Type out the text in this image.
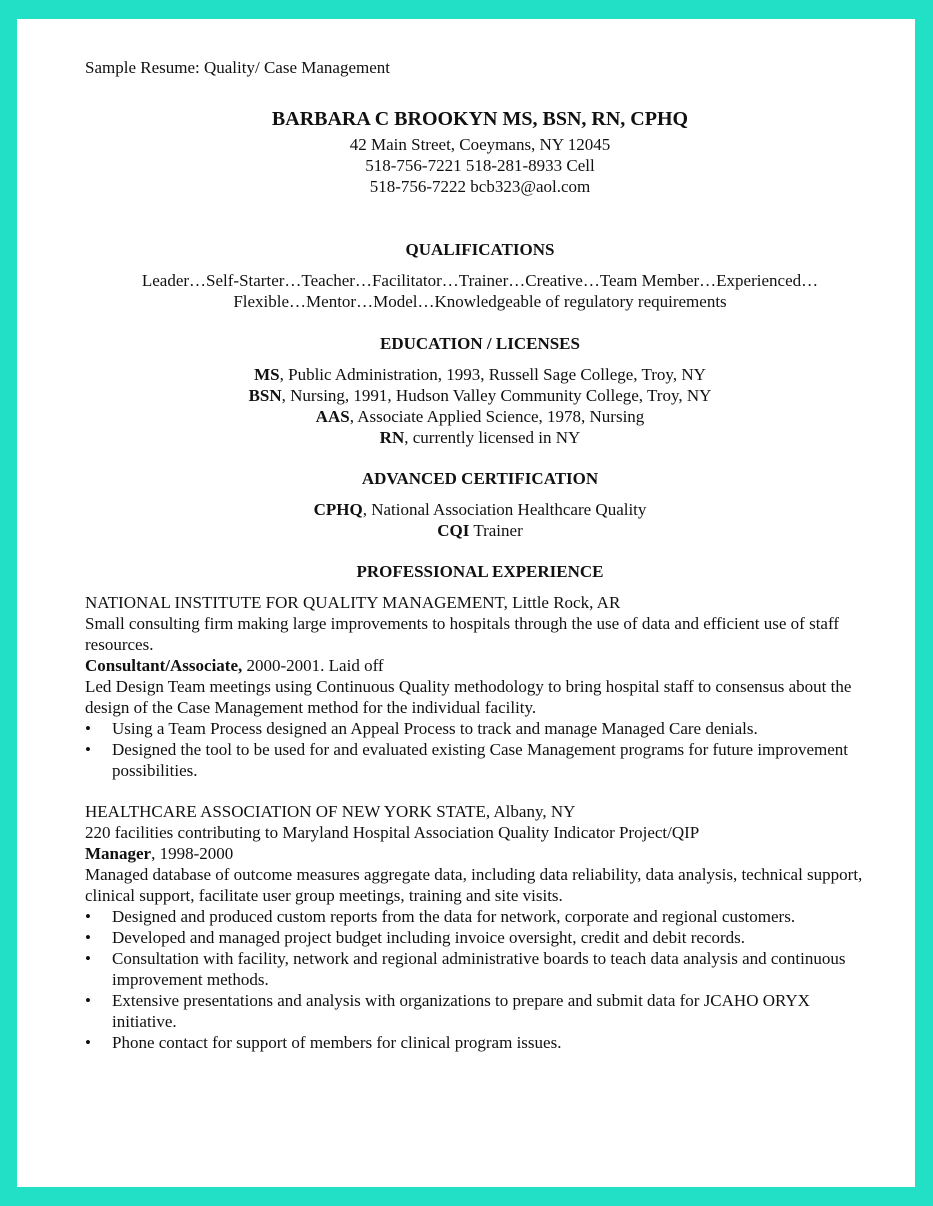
Sample Resume: Quality/ Case Management

BARBARA C BROOKYN MS, BSN, RN, CPHQ

42 Main Street, Coeymans, NY 12045

518-756-7221 518-281-8933 Cell

518-756-7222 bcb323@aol.com

QUALIFICATIONS

Leader…Self-Starter…Teacher…Facilitator…Trainer…Creative…Team Member…Experienced…

Flexible…Mentor…Model…Knowledgeable of regulatory requirements

EDUCATION / LICENSES

MS, Public Administration, 1993, Russell Sage College, Troy, NY

BSN, Nursing, 1991, Hudson Valley Community College, Troy, NY

AAS, Associate Applied Science, 1978, Nursing

RN, currently licensed in NY

ADVANCED CERTIFICATION

CPHQ, National Association Healthcare Quality

CQI Trainer

PROFESSIONAL EXPERIENCE

NATIONAL INSTITUTE FOR QUALITY MANAGEMENT, Little Rock, AR

Small consulting firm making large improvements to hospitals through the use of data and efficient use of staff resources.

Consultant/Associate, 2000-2001. Laid off

Led Design Team meetings using Continuous Quality methodology to bring hospital staff to consensus about the design of the Case Management method for the individual facility.

• Using a Team Process designed an Appeal Process to track and manage Managed Care denials.
• Designed the tool to be used for and evaluated existing Case Management programs for future improvement possibilities.

HEALTHCARE ASSOCIATION OF NEW YORK STATE, Albany, NY

220 facilities contributing to Maryland Hospital Association Quality Indicator Project/QIP

Manager, 1998-2000

Managed database of outcome measures aggregate data, including data reliability, data analysis, technical support, clinical support, facilitate user group meetings, training and site visits.

• Designed and produced custom reports from the data for network, corporate and regional customers.
• Developed and managed project budget including invoice oversight, credit and debit records.
• Consultation with facility, network and regional administrative boards to teach data analysis and continuous improvement methods.
• Extensive presentations and analysis with organizations to prepare and submit data for JCAHO ORYX initiative.
• Phone contact for support of members for clinical program issues.
